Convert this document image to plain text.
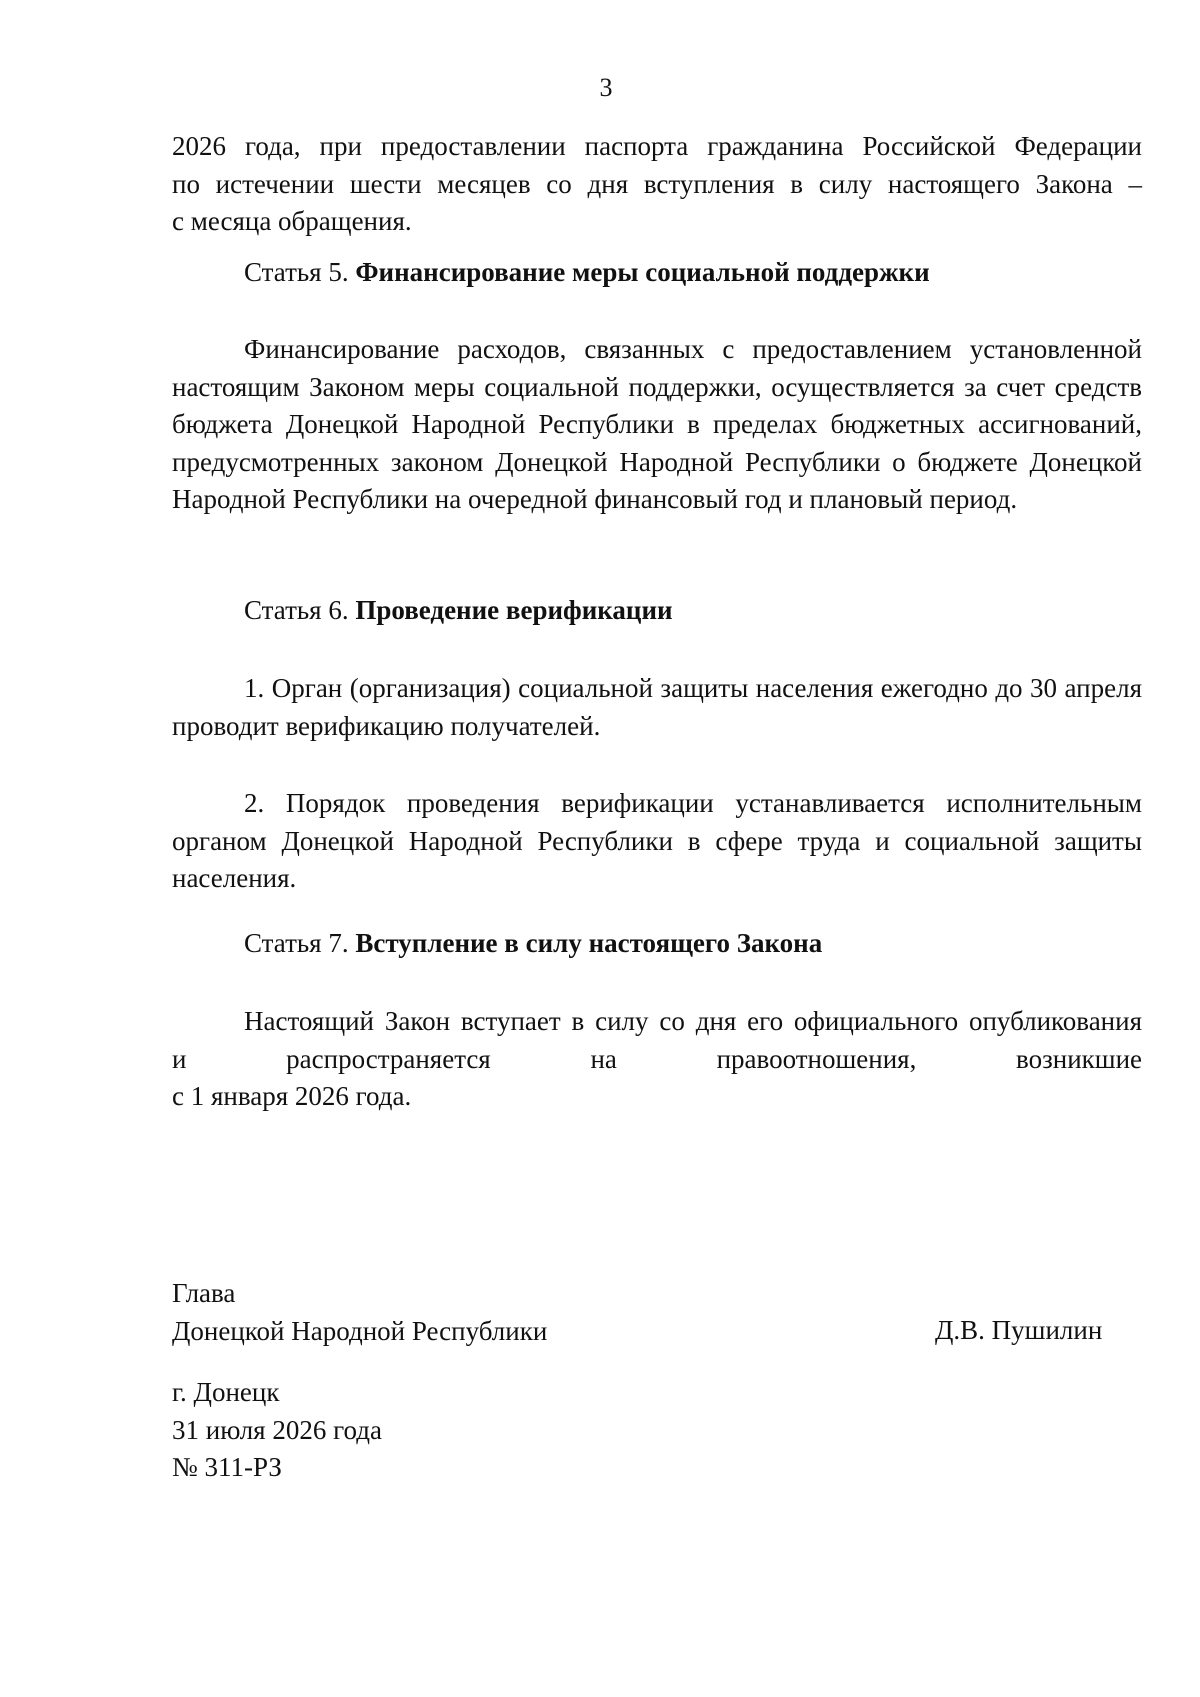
3
2026 года, при предоставлении паспорта гражданина Российской Федерации
по истечении шести месяцев со дня вступления в силу настоящего Закона –
с месяца обращения.

Статья 5. Финансирование меры социальной поддержки

Финансирование расходов, связанных с предоставлением установленной настоящим Законом меры социальной поддержки, осуществляется за счет средств бюджета Донецкой Народной Республики в пределах бюджетных ассигнований, предусмотренных законом Донецкой Народной Республики о бюджете Донецкой Народной Республики на очередной финансовый год и плановый период.

Статья 6. Проведение верификации

1. Орган (организация) социальной защиты населения ежегодно до 30 апреля проводит верификацию получателей.

2. Порядок проведения верификации устанавливается исполнительным органом Донецкой Народной Республики в сфере труда и социальной защиты населения.

Статья 7. Вступление в силу настоящего Закона

Настоящий Закон вступает в силу со дня его официального опубликования
и распространяется на правоотношения, возникшие
с 1 января 2026 года.
Глава
Донецкой Народной Республики	Д.В. Пушилин
г. Донецк
31 июля 2026 года
№ 311-РЗ
